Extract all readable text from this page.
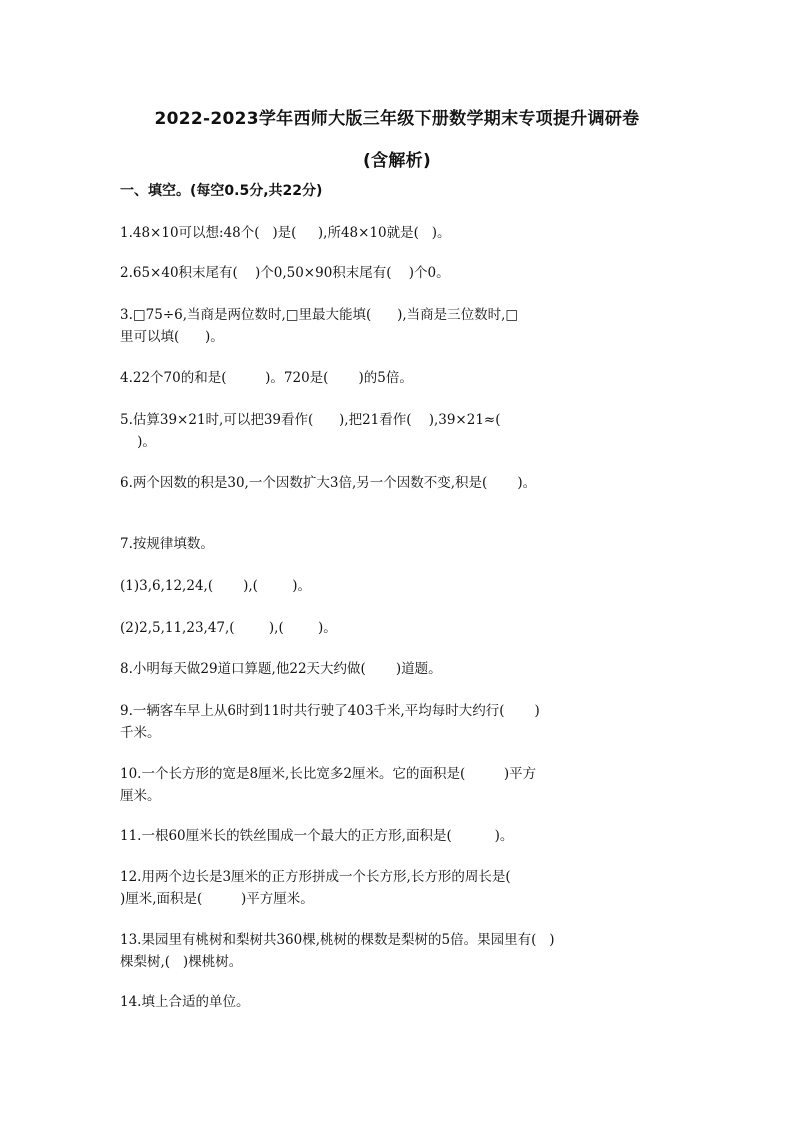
2022-2023学年西师大版三年级下册数学期末专项提升调研卷
(含解析)
一、填空。(每空0.5分,共22分)
1.48×10可以想:48个(   )是(     ),所48×10就是(   )。
2.65×40积末尾有(    )个0,50×90积末尾有(    )个0。
3.□75÷6,当商是两位数时,□里最大能填(      ),当商是三位数时,□
里可以填(      )。
4.22个70的和是(         )。720是(       )的5倍。
5.估算39×21时,可以把39看作(      ),把21看作(    ),39×21≈(
)。
6.两个因数的积是30,一个因数扩大3倍,另一个因数不变,积是(       )。
7.按规律填数。
(1)3,6,12,24,(       ),(        )。
(2)2,5,11,23,47,(        ),(        )。
8.小明每天做29道口算题,他22天大约做(       )道题。
9.一辆客车早上从6时到11时共行驶了403千米,平均每时大约行(       )
千米。
10.一个长方形的宽是8厘米,长比宽多2厘米。它的面积是(         )平方
厘米。
11.一根60厘米长的铁丝围成一个最大的正方形,面积是(          )。
12.用两个边长是3厘米的正方形拼成一个长方形,长方形的周长是(
)厘米,面积是(         )平方厘米。
13.果园里有桃树和梨树共360棵,桃树的棵数是梨树的5倍。果园里有(   )
棵梨树,(   )棵桃树。
14.填上合适的单位。
